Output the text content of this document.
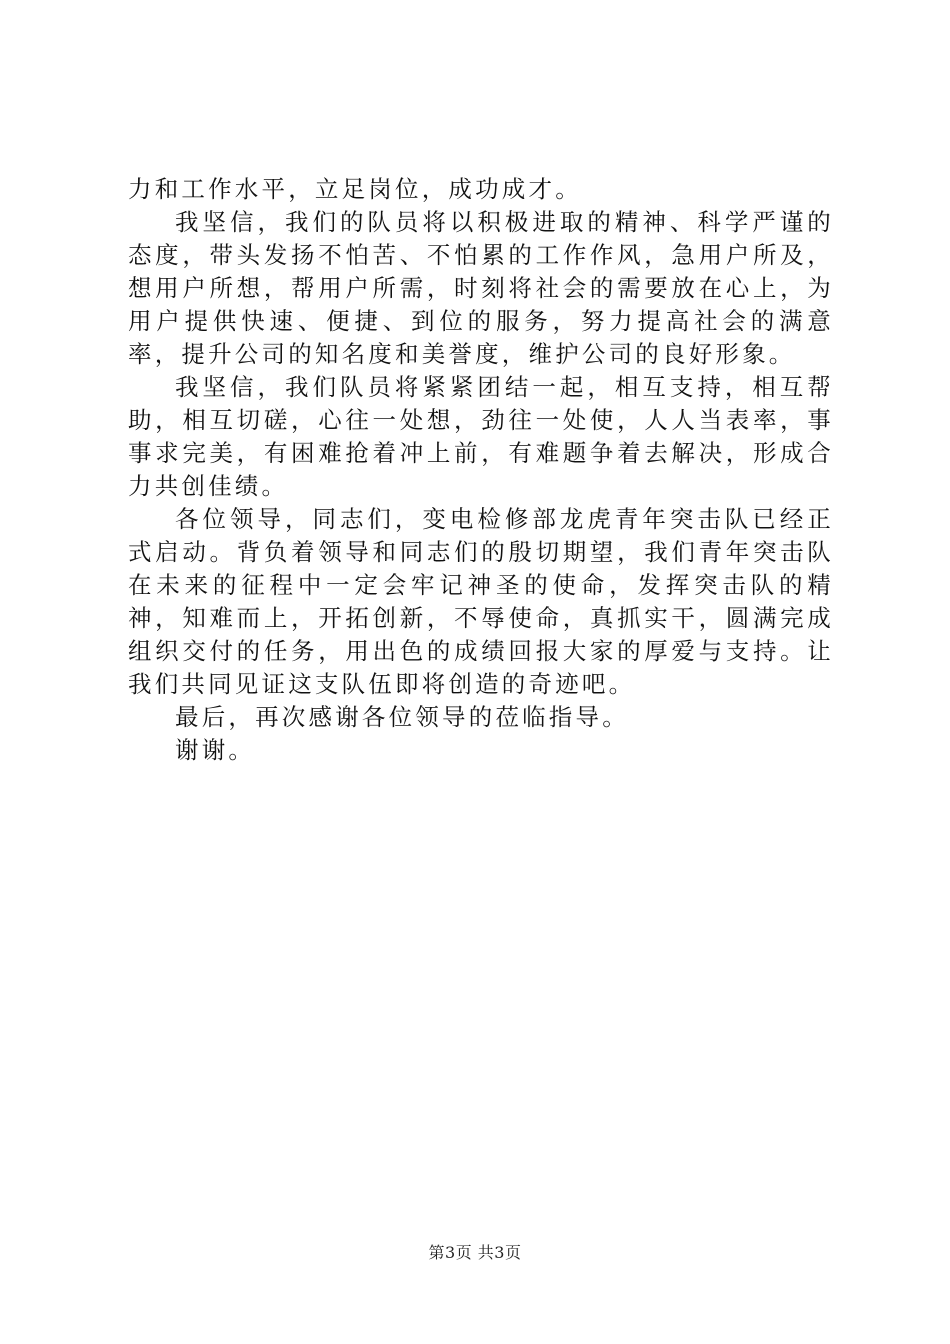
力和工作水平，立足岗位，成功成才。

我坚信，我们的队员将以积极进取的精神、科学严谨的态度，带头发扬不怕苦、不怕累的工作作风，急用户所及，想用户所想，帮用户所需，时刻将社会的需要放在心上，为用户提供快速、便捷、到位的服务，努力提高社会的满意率，提升公司的知名度和美誉度，维护公司的良好形象。

我坚信，我们队员将紧紧团结一起，相互支持，相互帮助，相互切磋，心往一处想，劲往一处使，人人当表率，事事求完美，有困难抢着冲上前，有难题争着去解决，形成合力共创佳绩。

各位领导，同志们，变电检修部龙虎青年突击队已经正式启动。背负着领导和同志们的殷切期望，我们青年突击队在未来的征程中一定会牢记神圣的使命，发挥突击队的精神，知难而上，开拓创新，不辱使命，真抓实干，圆满完成组织交付的任务，用出色的成绩回报大家的厚爱与支持。让我们共同见证这支队伍即将创造的奇迹吧。

最后，再次感谢各位领导的莅临指导。

谢谢。

第3页 共3页
